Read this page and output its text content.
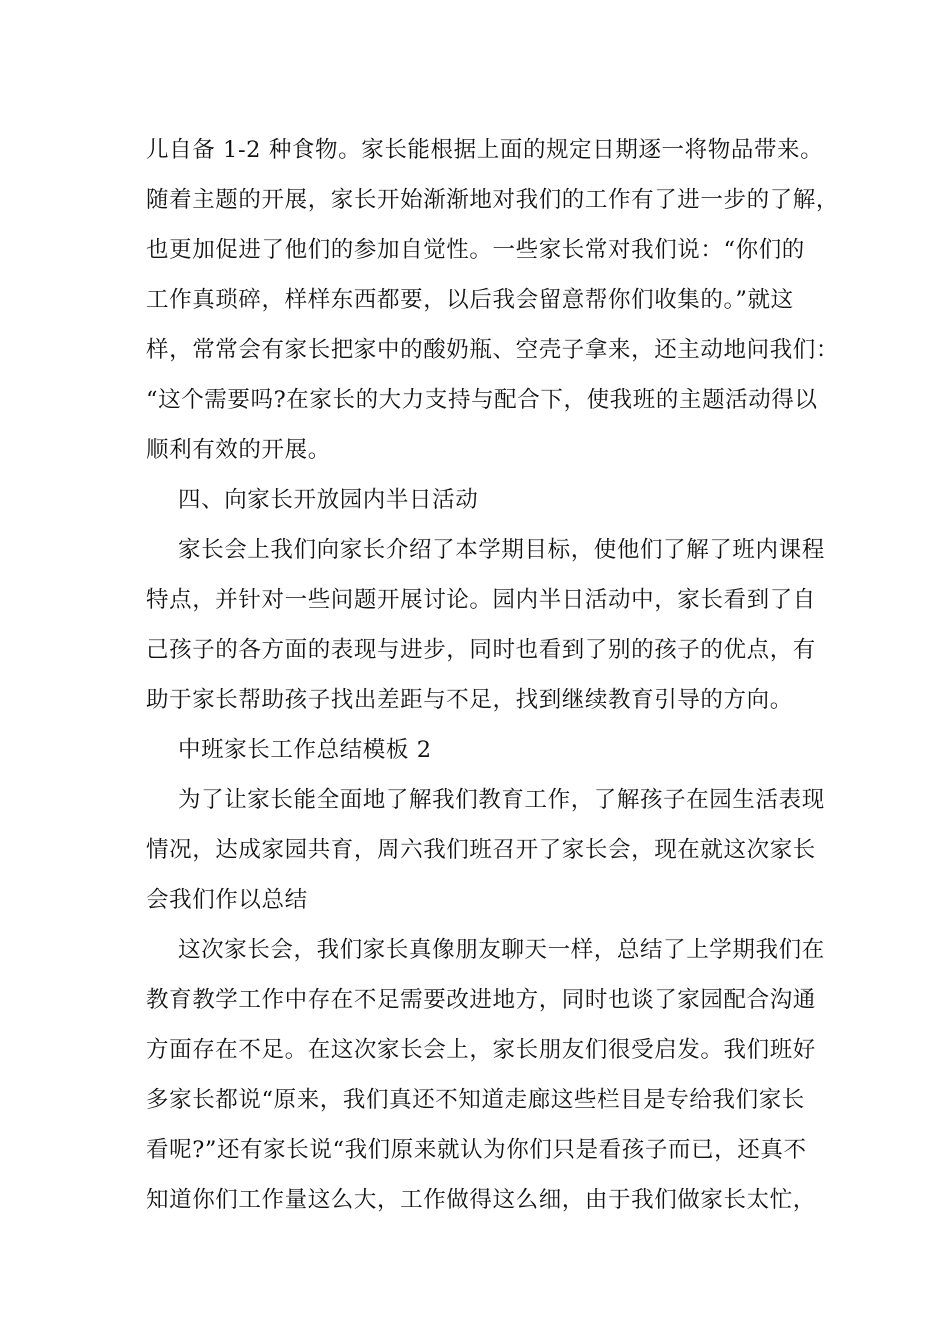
儿自备 1-2 种食物。家长能根据上面的规定日期逐一将物品带来。
随着主题的开展，家长开始渐渐地对我们的工作有了进一步的了解，
也更加促进了他们的参加自觉性。一些家长常对我们说：“你们的
工作真琐碎，样样东西都要，以后我会留意帮你们收集的。”就这
样，常常会有家长把家中的酸奶瓶、空壳子拿来，还主动地问我们：
“这个需要吗?在家长的大力支持与配合下，使我班的主题活动得以
顺利有效的开展。
四、向家长开放园内半日活动
家长会上我们向家长介绍了本学期目标，使他们了解了班内课程
特点，并针对一些问题开展讨论。园内半日活动中，家长看到了自
己孩子的各方面的表现与进步，同时也看到了别的孩子的优点，有
助于家长帮助孩子找出差距与不足，找到继续教育引导的方向。
中班家长工作总结模板 2
为了让家长能全面地了解我们教育工作，了解孩子在园生活表现
情况，达成家园共育，周六我们班召开了家长会，现在就这次家长
会我们作以总结
这次家长会，我们家长真像朋友聊天一样，总结了上学期我们在
教育教学工作中存在不足需要改进地方，同时也谈了家园配合沟通
方面存在不足。在这次家长会上，家长朋友们很受启发。我们班好
多家长都说“原来，我们真还不知道走廊这些栏目是专给我们家长
看呢?”还有家长说“我们原来就认为你们只是看孩子而已，还真不
知道你们工作量这么大，工作做得这么细，由于我们做家长太忙，
